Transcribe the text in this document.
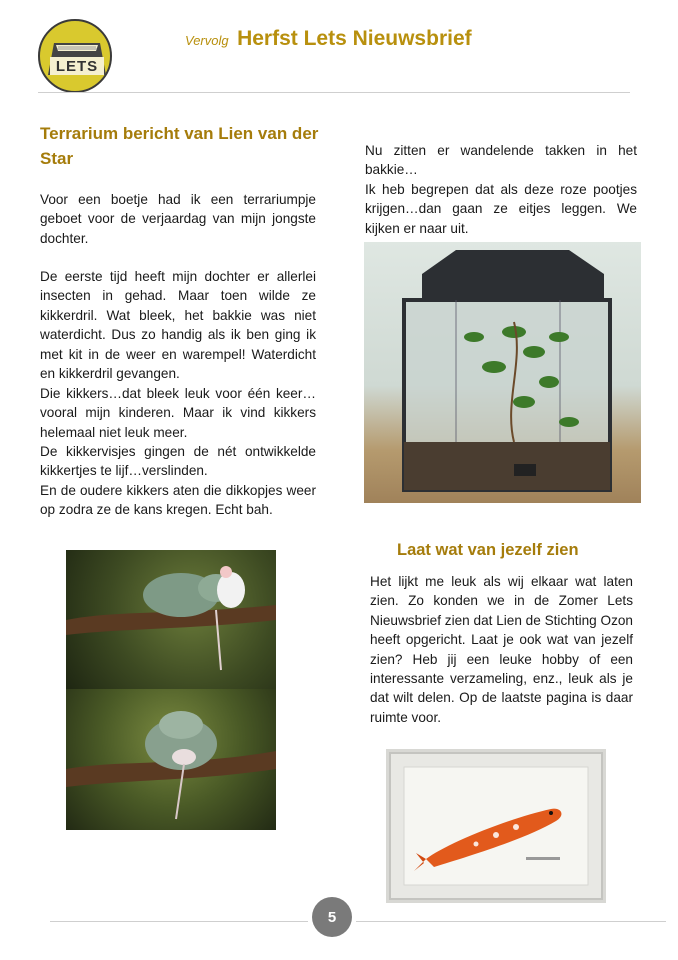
LETS
Vervolg Herfst Lets Nieuwsbrief
Terrarium bericht van Lien van der Star

Voor een boetje had ik een terrariumpje geboet voor de verjaardag van mijn jongste dochter.

De eerste tijd heeft mijn dochter er allerlei insecten in gehad. Maar toen wilde ze kikkerdril. Wat bleek, het bakkie was niet waterdicht. Dus zo handig als ik ben ging ik met kit in de weer en warempel! Waterdicht en kikkerdril gevangen.

Die kikkers…dat bleek leuk voor één keer…vooral mijn kinderen. Maar ik vind kikkers helemaal niet leuk meer.

De kikkervisjes gingen de nét ontwikkelde kikkertjes te lijf…verslinden.

En de oudere kikkers aten die dikkopjes weer op zodra ze de kans kregen. Echt bah.

Nu zitten er wandelende takken in het bakkie…

Ik heb begrepen dat als deze roze pootjes krijgen…dan gaan ze eitjes leggen. We kijken er naar uit.

Laat wat van jezelf zien

Het lijkt me leuk als wij elkaar wat laten zien. Zo konden we in de Zomer Lets Nieuwsbrief zien dat Lien de Stichting Ozon heeft opgericht. Laat je ook wat van jezelf zien? Heb jij een leuke hobby of een interessante verzameling, enz., leuk als je dat wilt delen. Op de laatste pagina is daar ruimte voor.

5
